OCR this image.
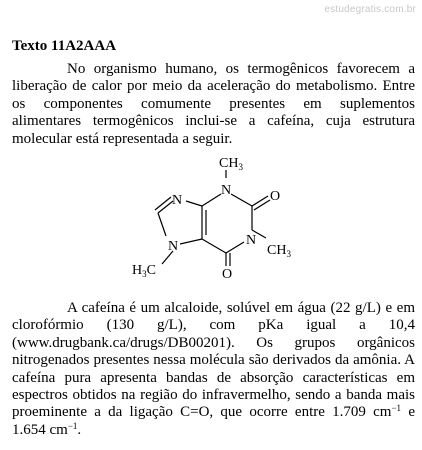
estudegratis.com.br
Texto 11A2AAA

No organismo humano, os termogênicos favorecem a liberação de calor por meio da aceleração do metabolismo. Entre os componentes comumente presentes em suplementos alimentares termogênicos inclui-se a cafeína, cuja estrutura molecular está representada a seguir.

$CH_3$
N	O
N
$CH_3$
O
N
N
$H_3C$

A cafeína é um alcaloide, solúvel em água (22 g/L) e em clorofórmio (130 g/L), com pKa igual a 10,4 (www.drugbank.ca/drugs/DB00201). Os grupos orgânicos nitrogenados presentes nessa molécula são derivados da amônia. A cafeína pura apresenta bandas de absorção características em espectros obtidos na região do infravermelho, sendo a banda mais proeminente a da ligação C=O, que ocorre entre 1.709 $cm^{-1}$ e 1.654 $cm^{-1}$.
